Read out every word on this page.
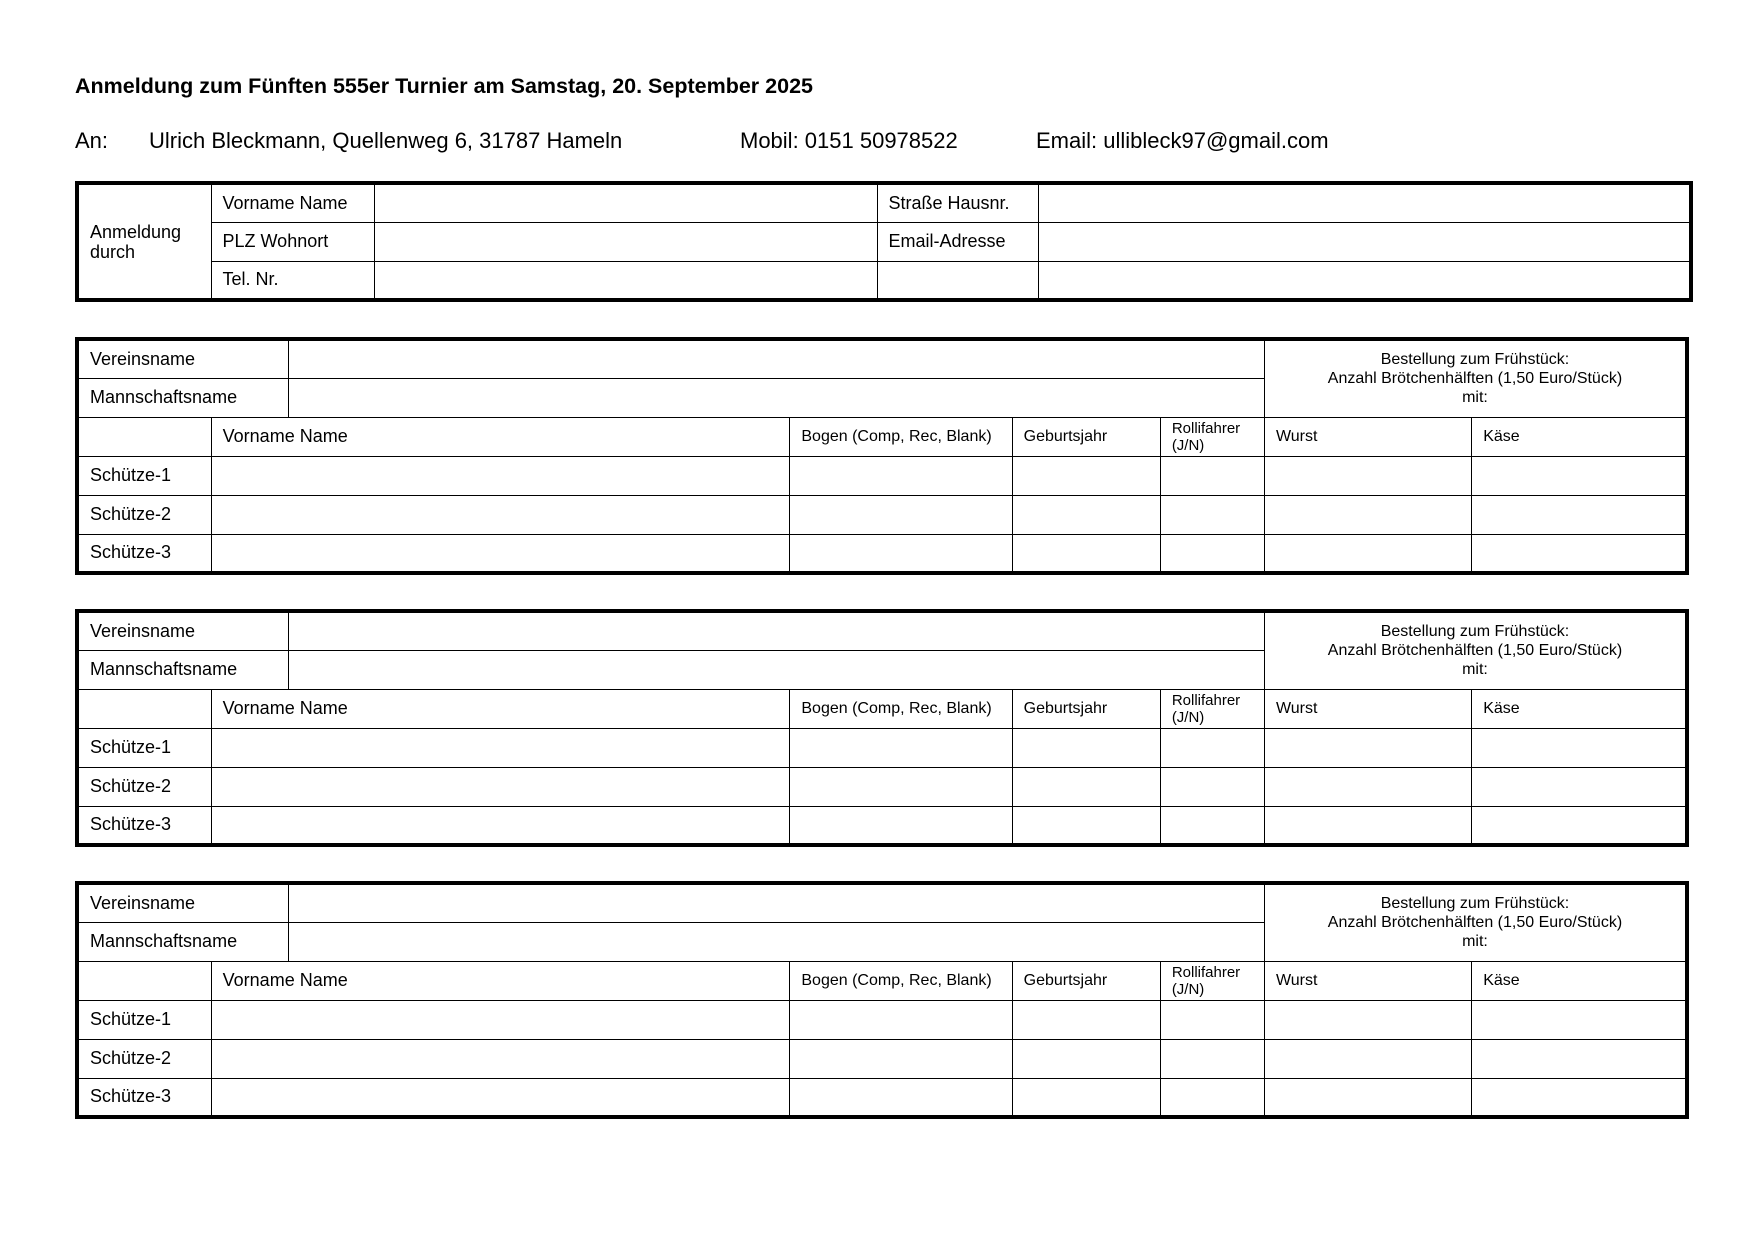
Anmeldung zum Fünften 555er Turnier am Samstag, 20. September 2025
An: Ulrich Bleckmann, Quellenweg 6, 31787 Hameln	Mobil: 0151 50978522	Email: ullibleck97@gmail.com
Anmeldung durch	Vorname Name		Straße Hausnr.	
	PLZ Wohnort		Email-Adresse	
	Tel. Nr.			
Vereinsname						Bestellung zum Frühstück:
Anzahl Brötchenhälften (1,50 Euro/Stück)
mit:	

Mannschaftsname							
	Vorname Name		Bogen (Comp, Rec, Blank)	Geburtsjahr	Rollifahrer (J/N)	Wurst	Käse
Schütze-1							
Schütze-2							
Schütze-3							
Vereinsname						Bestellung zum Frühstück:
Anzahl Brötchenhälften (1,50 Euro/Stück)
mit:	

Mannschaftsname							
	Vorname Name		Bogen (Comp, Rec, Blank)	Geburtsjahr	Rollifahrer (J/N)	Wurst	Käse
Schütze-1							
Schütze-2							
Schütze-3							
Vereinsname						Bestellung zum Frühstück:
Anzahl Brötchenhälften (1,50 Euro/Stück)
mit:	

Mannschaftsname							
	Vorname Name		Bogen (Comp, Rec, Blank)	Geburtsjahr	Rollifahrer (J/N)	Wurst	Käse
Schütze-1							
Schütze-2							
Schütze-3							
